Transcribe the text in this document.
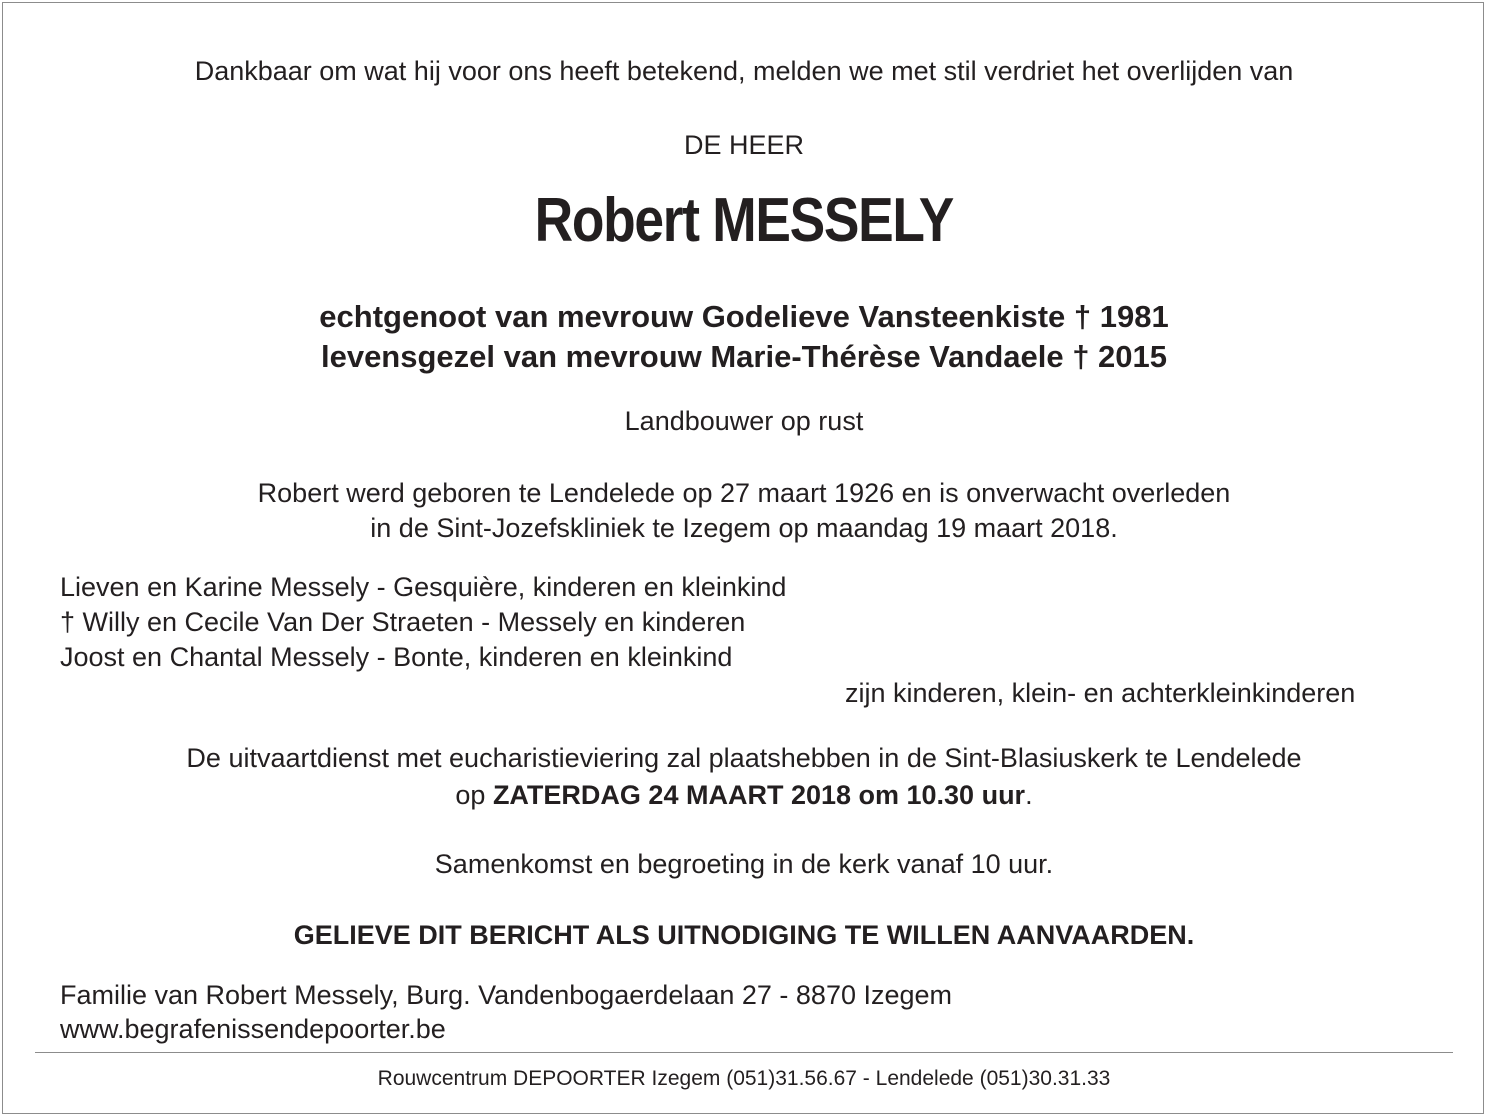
Dankbaar om wat hij voor ons heeft betekend, melden we met stil verdriet het overlijden van
DE HEER
Robert MESSELY
echtgenoot van mevrouw Godelieve Vansteenkiste † 1981
levensgezel van mevrouw Marie-Thérèse Vandaele † 2015
Landbouwer op rust
Robert werd geboren te Lendelede op 27 maart 1926 en is onverwacht overleden
in de Sint-Jozefskliniek te Izegem op maandag 19 maart 2018.
Lieven en Karine Messely - Gesquière, kinderen en kleinkind
† Willy en Cecile Van Der Straeten - Messely en kinderen
Joost en Chantal Messely - Bonte, kinderen en kleinkind
zijn kinderen, klein- en achterkleinkinderen
De uitvaartdienst met eucharistieviering zal plaatshebben in de Sint-Blasiuskerk te Lendelede
op ZATERDAG 24 MAART 2018 om 10.30 uur.
Samenkomst en begroeting in de kerk vanaf 10 uur.
GELIEVE DIT BERICHT ALS UITNODIGING TE WILLEN AANVAARDEN.
Familie van Robert Messely, Burg. Vandenbogaerdelaan 27 - 8870 Izegem
www.begrafenissendepoorter.be
Rouwcentrum DEPOORTER Izegem (051)31.56.67 - Lendelede (051)30.31.33
